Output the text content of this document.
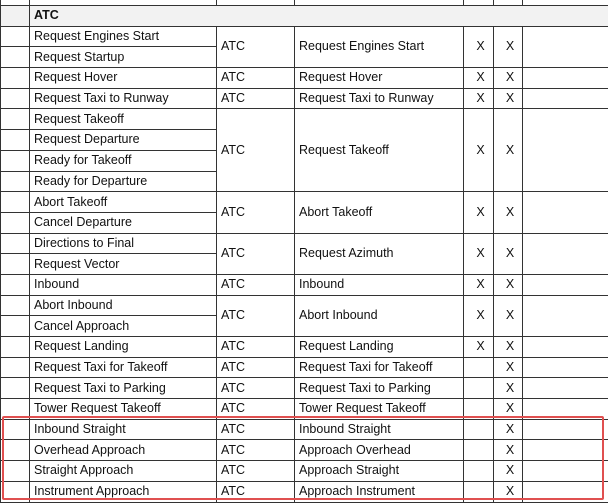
	ATC					
	Request Engines Start	ATC	Request Engines Start	X	X	
	Request Startup					
	Request Hover	ATC	Request Hover	X	X	
	Request Taxi to Runway	ATC	Request Taxi to Runway	X	X	
	Request Takeoff	ATC	Request Takeoff	X	X	
	Request Departure					
	Ready for Takeoff					
	Ready for Departure					
	Abort Takeoff	ATC	Abort Takeoff	X	X	
	Cancel Departure					
	Directions to Final	ATC	Request Azimuth	X	X	
	Request Vector					
	Inbound	ATC	Inbound	X	X	
	Abort Inbound	ATC	Abort Inbound	X	X	
	Cancel Approach					
	Request Landing	ATC	Request Landing	X	X	
	Request Taxi for Takeoff	ATC	Request Taxi for Takeoff		X	
	Request Taxi to Parking	ATC	Request Taxi to Parking		X	
	Tower Request Takeoff	ATC	Tower Request Takeoff		X	
	Inbound Straight	ATC	Inbound Straight		X	
	Overhead Approach	ATC	Approach Overhead		X	
	Straight Approach	ATC	Approach Straight		X	
	Instrument Approach	ATC	Approach Instrument		X	
